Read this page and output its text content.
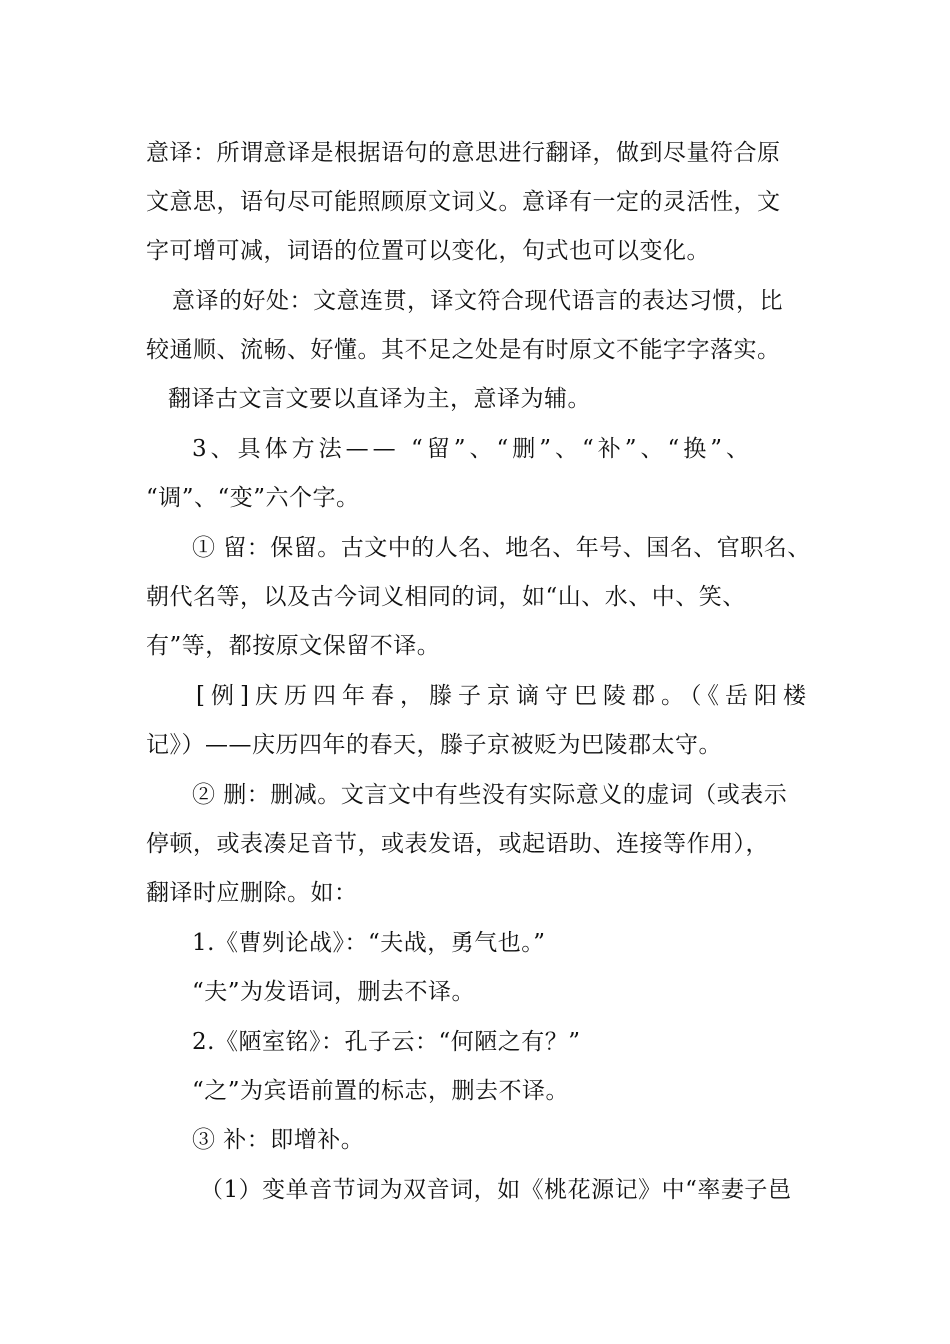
意译：所谓意译是根据语句的意思进行翻译，做到尽量符合原
文意思，语句尽可能照顾原文词义。意译有一定的灵活性，文
字可增可减，词语的位置可以变化，句式也可以变化。
意译的好处：文意连贯，译文符合现代语言的表达习惯，比
较通顺、流畅、好懂。其不足之处是有时原文不能字字落实。
翻译古文言文要以直译为主，意译为辅。
3、具体方法—— “留”、“删”、“补”、“换”、
“调”、“变”六个字。
① 留：保留。古文中的人名、地名、年号、国名、官职名、
朝代名等，以及古今词义相同的词，如“山、水、中、笑、
有”等，都按原文保留不译。
[例]庆历四年春，滕子京谪守巴陵郡。（《岳阳楼
记》）——庆历四年的春天，滕子京被贬为巴陵郡太守。
② 删：删减。文言文中有些没有实际意义的虚词（或表示
停顿，或表凑足音节，或表发语，或起语助、连接等作用），
翻译时应删除。如：
1.《曹刿论战》：“夫战，勇气也。”
“夫”为发语词，删去不译。
2.《陋室铭》：孔子云：“何陋之有？”
“之”为宾语前置的标志，删去不译。
③ 补：即增补。
（1）变单音节词为双音词，如《桃花源记》中“率妻子邑
